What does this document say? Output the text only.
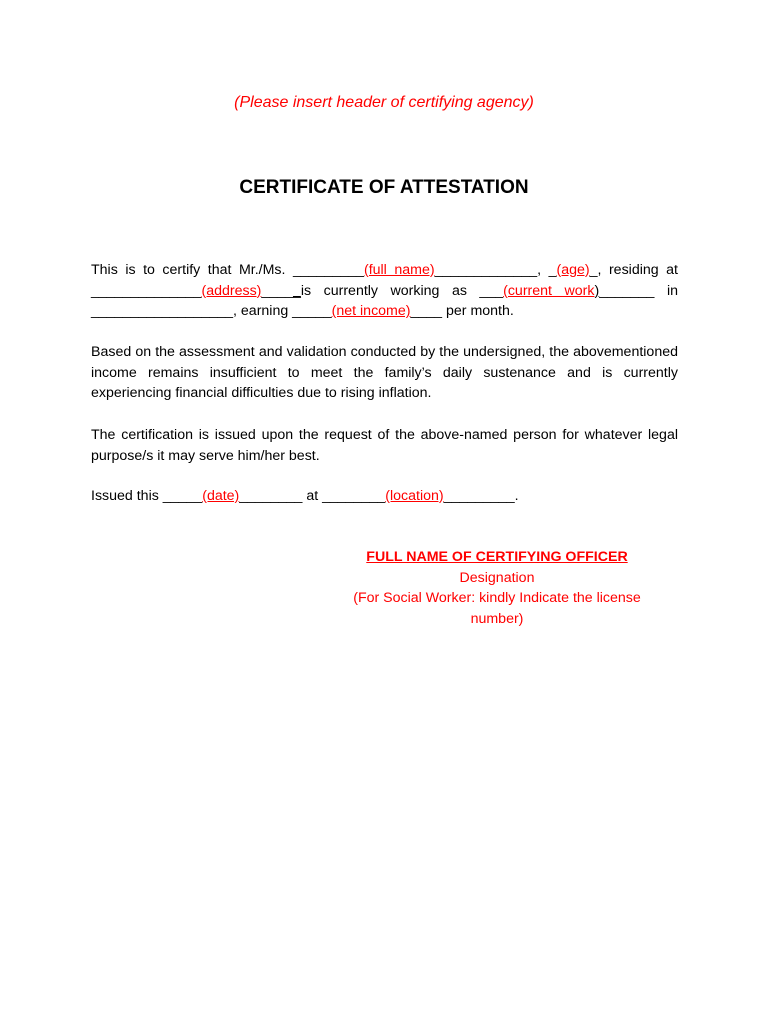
(Please insert header of certifying agency)
CERTIFICATE OF ATTESTATION
This is to certify that Mr./Ms. _________(full name)_____________, _(age)_, residing at ______________(address)_____is currently working as ___(current work)_______ in __________________, earning _____(net income)____ per month.
Based on the assessment and validation conducted by the undersigned, the abovementioned income remains insufficient to meet the family’s daily sustenance and is currently experiencing financial difficulties due to rising inflation.
The certification is issued upon the request of the above-named person for whatever legal purpose/s it may serve him/her best.
Issued this _____(date)________ at ________(location)_________.
FULL NAME OF CERTIFYING OFFICER
Designation
(For Social Worker: kindly Indicate the license number)
